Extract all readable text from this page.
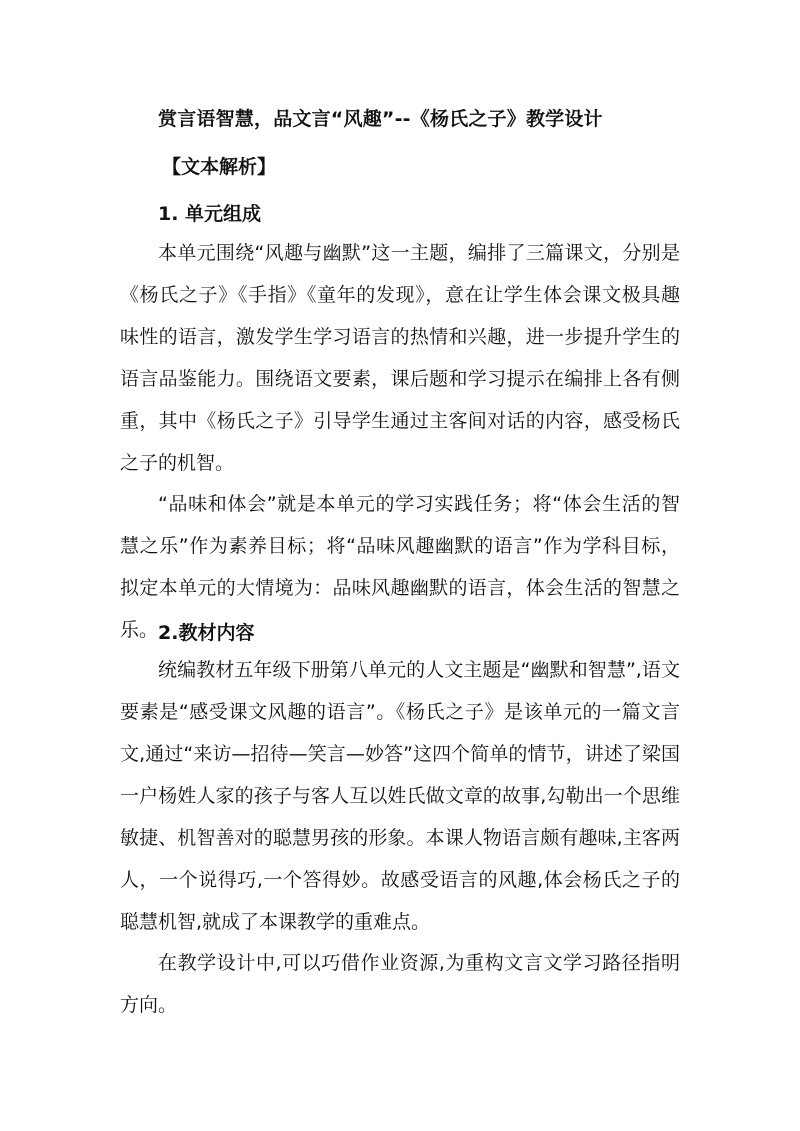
赏言语智慧，品文言“风趣”--《杨氏之子》教学设计
【文本解析】
1. 单元组成

本单元围绕“风趣与幽默”这一主题，编排了三篇课文，分别是《杨氏之子》《手指》《童年的发现》，意在让学生体会课文极具趣味性的语言，激发学生学习语言的热情和兴趣，进一步提升学生的语言品鉴能力。围绕语文要素，课后题和学习提示在编排上各有侧重，其中《杨氏之子》引导学生通过主客间对话的内容，感受杨氏之子的机智。

“品味和体会”就是本单元的学习实践任务；将“体会生活的智慧之乐”作为素养目标；将“品味风趣幽默的语言”作为学科目标，拟定本单元的大情境为：品味风趣幽默的语言，体会生活的智慧之乐。 2.教材内容

统编教材五年级下册第八单元的人文主题是“幽默和智慧”,语文要素是“感受课文风趣的语言”。《杨氏之子》是该单元的一篇文言文,通过“来访—招待—笑言—妙答”这四个简单的情节，讲述了梁国一户杨姓人家的孩子与客人互以姓氏做文章的故事,勾勒出一个思维敏捷、机智善对的聪慧男孩的形象。本课人物语言颇有趣味,主客两人，一个说得巧,一个答得妙。故感受语言的风趣,体会杨氏之子的聪慧机智,就成了本课教学的重难点。

在教学设计中,可以巧借作业资源,为重构文言文学习路径指明方向。
